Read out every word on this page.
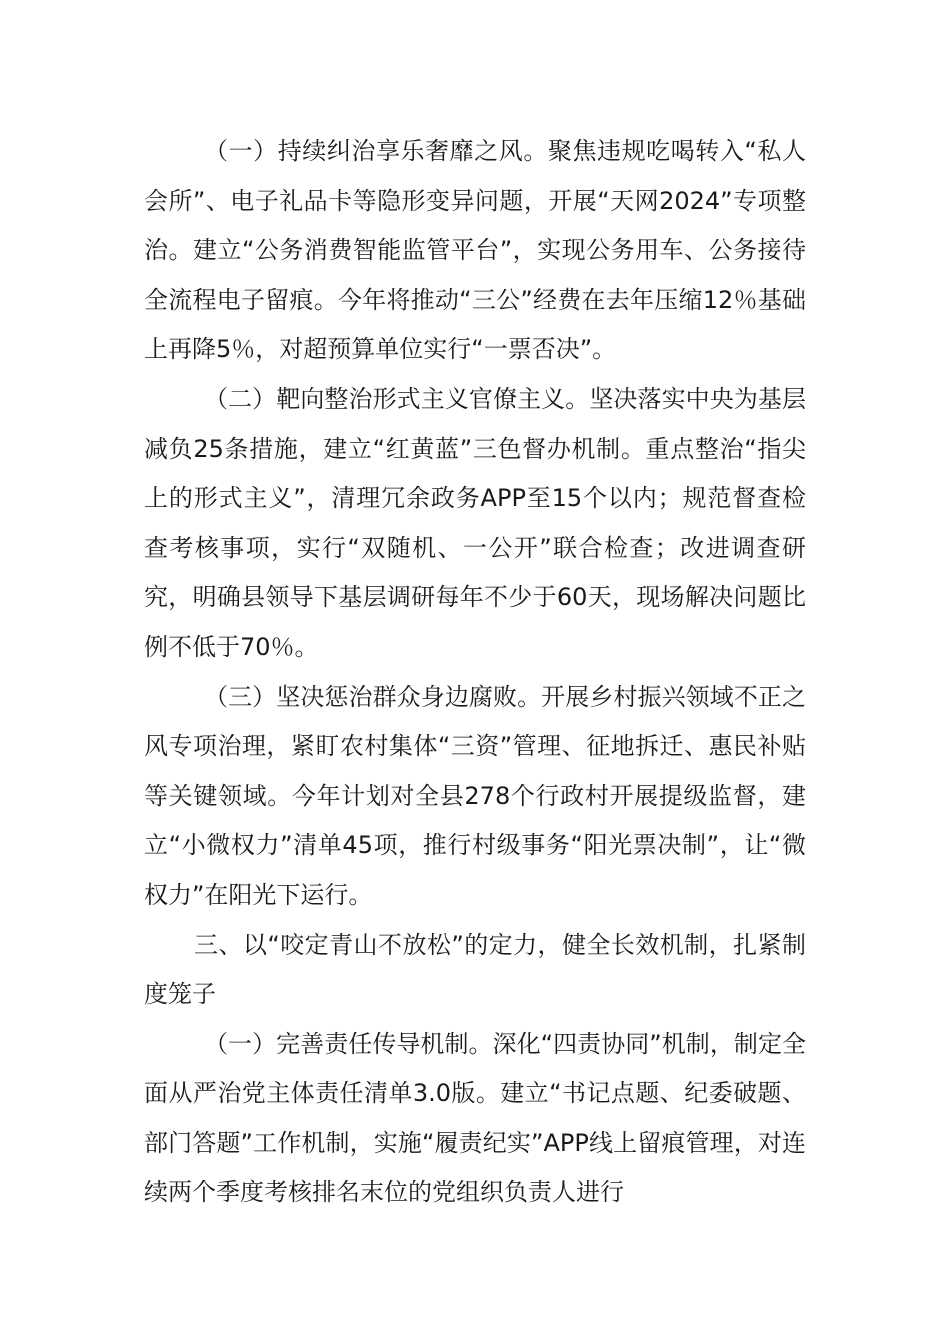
（一）持续纠治享乐奢靡之风。聚焦违规吃喝转入“私人会所”、电子礼品卡等隐形变异问题，开展“天网2024”专项整治。建立“公务消费智能监管平台”，实现公务用车、公务接待全流程电子留痕。今年将推动“三公”经费在去年压缩12％基础上再降5％，对超预算单位实行“一票否决”。

（二）靶向整治形式主义官僚主义。坚决落实中央为基层减负25条措施，建立“红黄蓝”三色督办机制。重点整治“指尖上的形式主义”，清理冗余政务APP至15个以内；规范督查检查考核事项，实行“双随机、一公开”联合检查；改进调查研究，明确县领导下基层调研每年不少于60天，现场解决问题比例不低于70％。

（三）坚决惩治群众身边腐败。开展乡村振兴领域不正之风专项治理，紧盯农村集体“三资”管理、征地拆迁、惠民补贴等关键领域。今年计划对全县278个行政村开展提级监督，建立“小微权力”清单45项，推行村级事务“阳光票决制”，让“微权力”在阳光下运行。

三、以“咬定青山不放松”的定力，健全长效机制，扎紧制度笼子

（一）完善责任传导机制。深化“四责协同”机制，制定全面从严治党主体责任清单3.0版。建立“书记点题、纪委破题、部门答题”工作机制，实施“履责纪实”APP线上留痕管理，对连续两个季度考核排名末位的党组织负责人进行
